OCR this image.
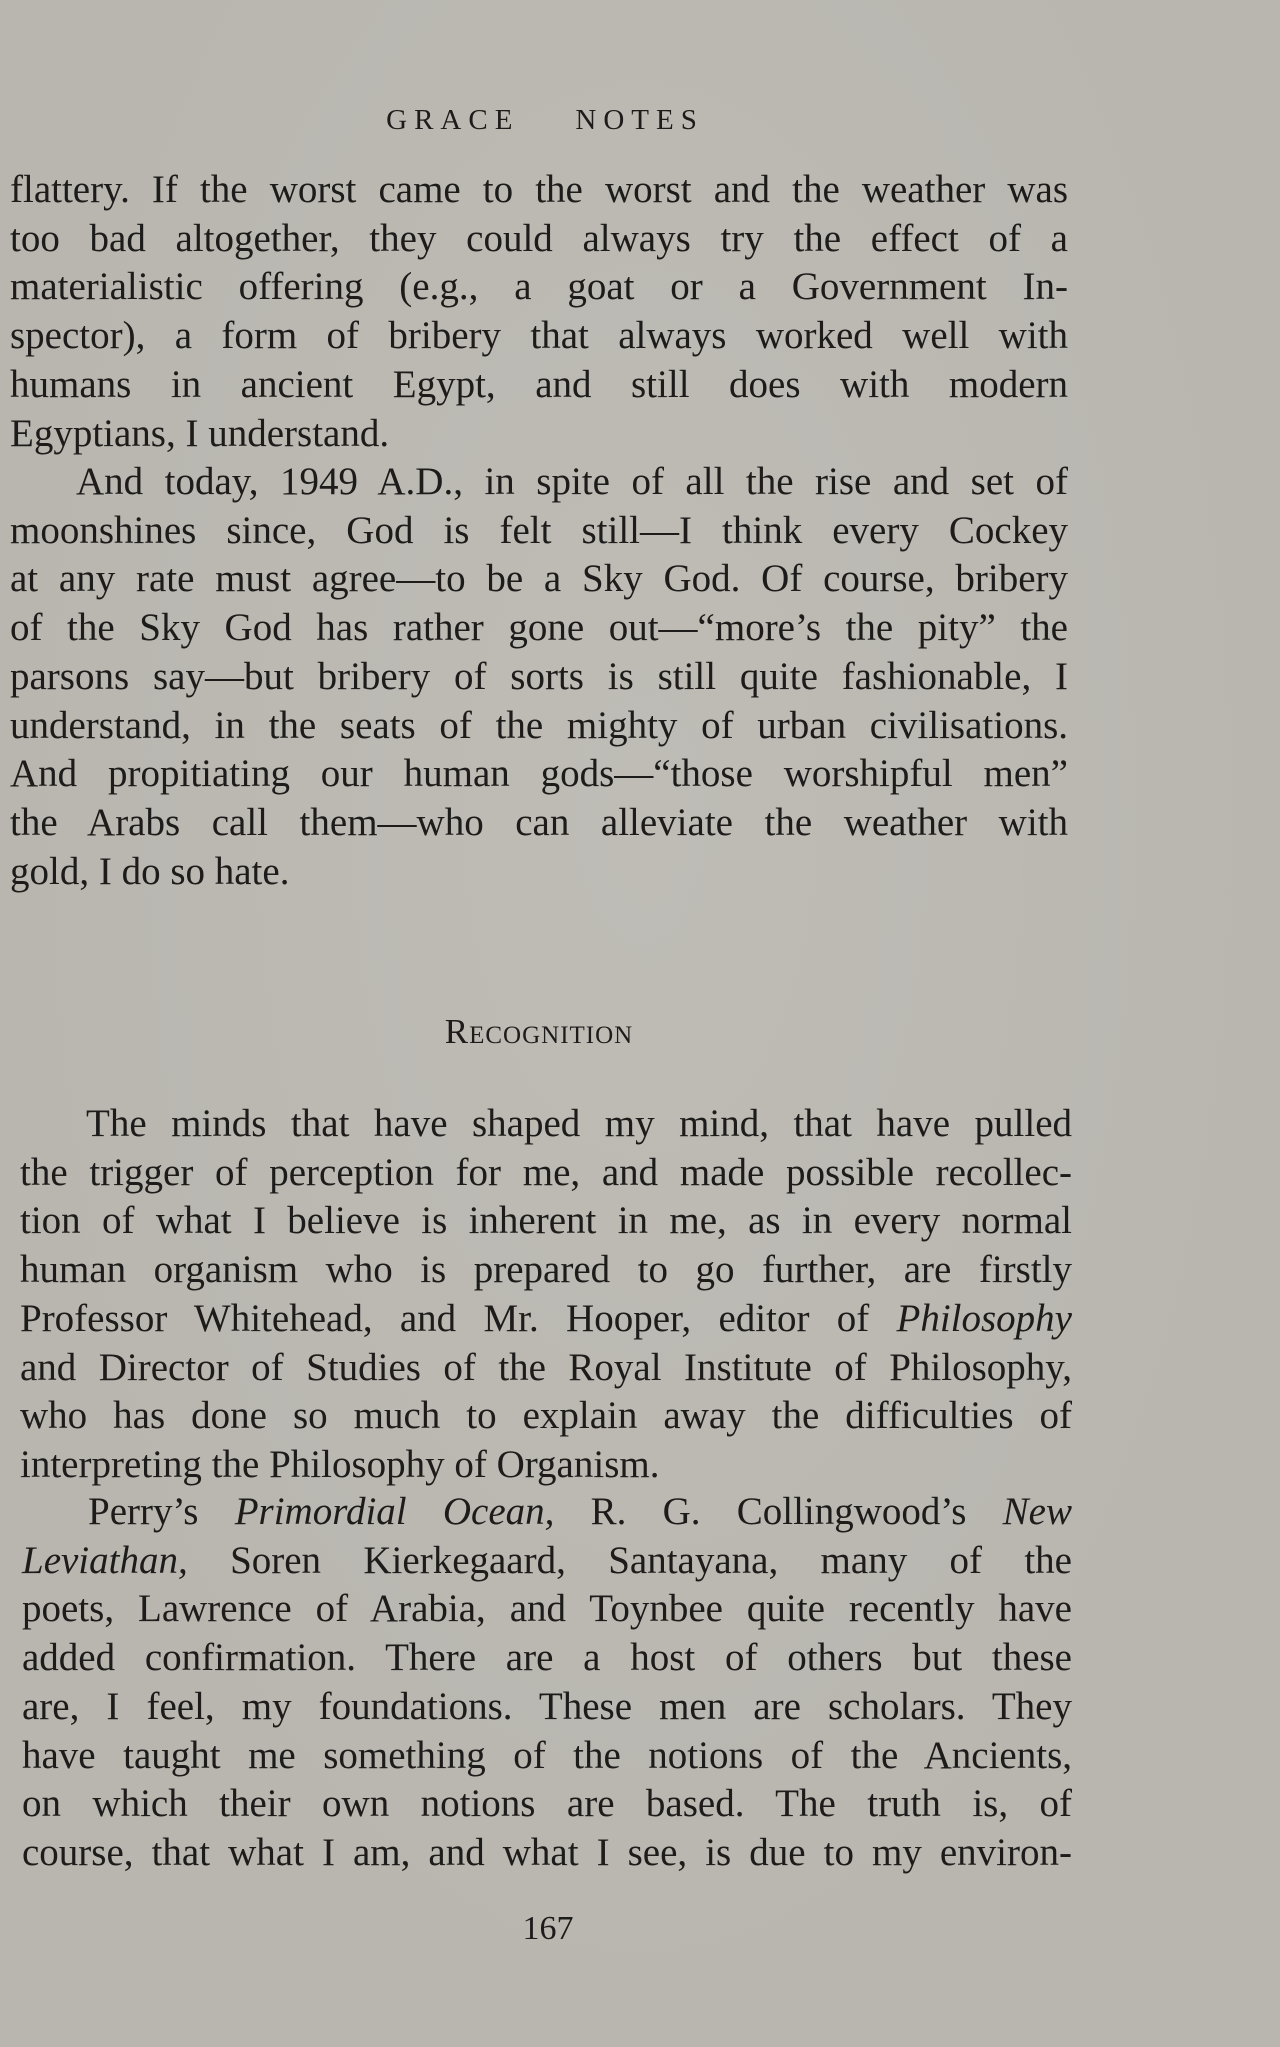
GRACE NOTES
flattery. If the worst came to the worst and the weather was
too bad altogether, they could always try the effect of a
materialistic offering (e.g., a goat or a Government In-
spector), a form of bribery that always worked well with
humans in ancient Egypt, and still does with modern
Egyptians, I understand.
And today, 1949 A.D., in spite of all the rise and set of
moonshines since, God is felt still—I think every Cockey
at any rate must agree—to be a Sky God. Of course, bribery
of the Sky God has rather gone out—“more’s the pity” the
parsons say—but bribery of sorts is still quite fashionable, I
understand, in the seats of the mighty of urban civilisations.
And propitiating our human gods—“those worshipful men”
the Arabs call them—who can alleviate the weather with
gold, I do so hate.
Recognition
The minds that have shaped my mind, that have pulled
the trigger of perception for me, and made possible recollec-
tion of what I believe is inherent in me, as in every normal
human organism who is prepared to go further, are firstly
Professor Whitehead, and Mr. Hooper, editor of Philosophy
and Director of Studies of the Royal Institute of Philosophy,
who has done so much to explain away the difficulties of
interpreting the Philosophy of Organism.
Perry’s Primordial Ocean, R. G. Collingwood’s New
Leviathan, Soren Kierkegaard, Santayana, many of the
poets, Lawrence of Arabia, and Toynbee quite recently have
added confirmation. There are a host of others but these
are, I feel, my foundations. These men are scholars. They
have taught me something of the notions of the Ancients,
on which their own notions are based. The truth is, of
course, that what I am, and what I see, is due to my environ-
167
